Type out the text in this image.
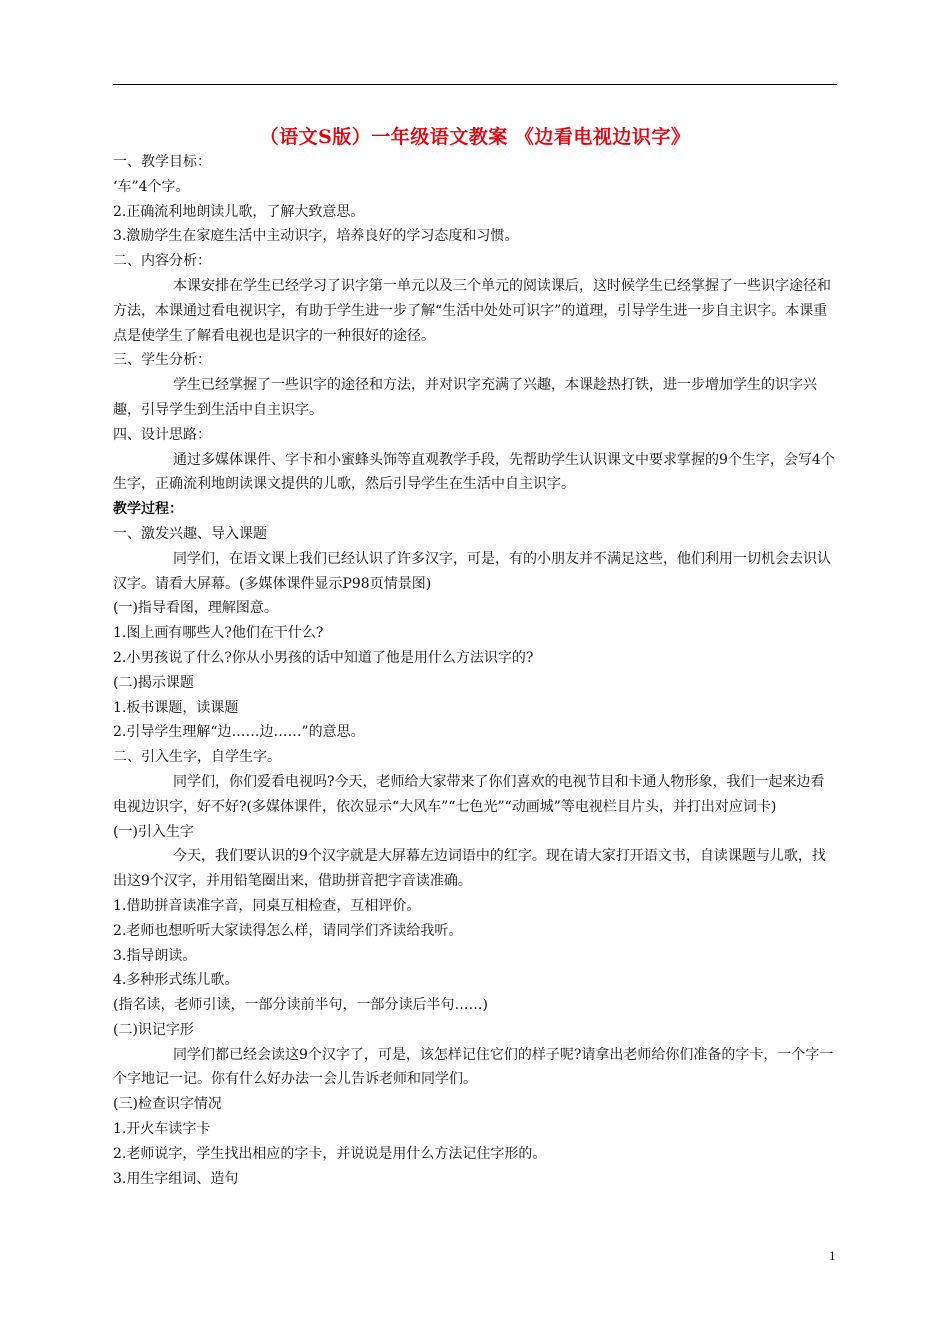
（语文S版）一年级语文教案 《边看电视边识字》

一、教学目标：

‘车”4个字。

2.正确流利地朗读儿歌，了解大致意思。

3.激励学生在家庭生活中主动识字，培养良好的学习态度和习惯。

二、内容分析：

本课安排在学生已经学习了识字第一单元以及三个单元的阅读课后，这时候学生已经掌握了一些识字途径和方法，本课通过看电视识字，有助于学生进一步了解“生活中处处可识字”的道理，引导学生进一步自主识字。本课重点是使学生了解看电视也是识字的一种很好的途径。

三、学生分析：

学生已经掌握了一些识字的途径和方法，并对识字充满了兴趣，本课趁热打铁，进一步增加学生的识字兴趣，引导学生到生活中自主识字。

四、设计思路：

通过多媒体课件、字卡和小蜜蜂头饰等直观教学手段，先帮助学生认识课文中要求掌握的9个生字，会写4个生字，正确流利地朗读课文提供的儿歌，然后引导学生在生活中自主识字。

教学过程：

一、激发兴趣、导入课题

同学们，在语文课上我们已经认识了许多汉字，可是，有的小朋友并不满足这些，他们利用一切机会去识认汉字。请看大屏幕。(多媒体课件显示P98页情景图)

(一)指导看图，理解图意。

1.图上画有哪些人?他们在干什么?

2.小男孩说了什么?你从小男孩的话中知道了他是用什么方法识字的?

(二)揭示课题

1.板书课题，读课题

2.引导学生理解“边……边……”的意思。

二、引入生字，自学生字。

同学们，你们爱看电视吗?今天，老师给大家带来了你们喜欢的电视节目和卡通人物形象，我们一起来边看电视边识字，好不好?(多媒体课件，依次显示“大风车”“七色光”“动画城”等电视栏目片头，并打出对应词卡)

(一)引入生字

今天，我们要认识的9个汉字就是大屏幕左边词语中的红字。现在请大家打开语文书，自读课题与儿歌，找出这9个汉字，并用铅笔圈出来，借助拼音把字音读准确。

1.借助拼音读准字音，同桌互相检查，互相评价。

2.老师也想听听大家读得怎么样，请同学们齐读给我听。

3.指导朗读。

4.多种形式练儿歌。

(指名读，老师引读，一部分读前半句，一部分读后半句……)

(二)识记字形

同学们都已经会读这9个汉字了，可是，该怎样记住它们的样子呢?请拿出老师给你们准备的字卡，一个字一个字地记一记。你有什么好办法一会儿告诉老师和同学们。

(三)检查识字情况

1.开火车读字卡

2.老师说字，学生找出相应的字卡，并说说是用什么方法记住字形的。

3.用生字组词、造句

1
